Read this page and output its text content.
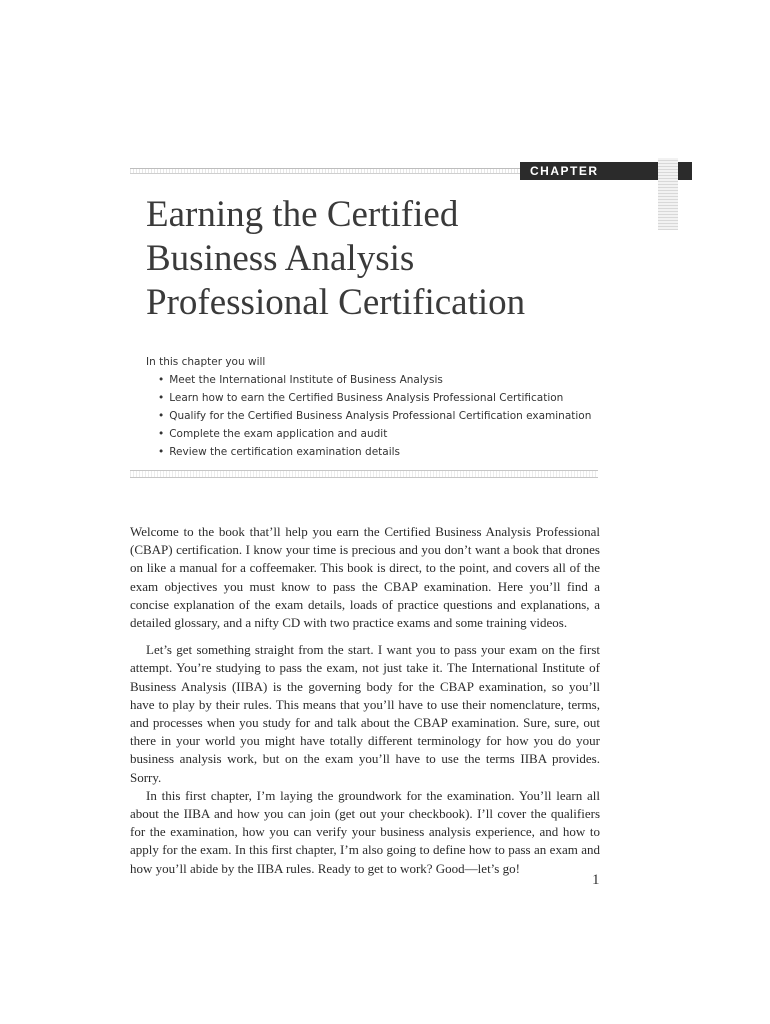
CHAPTER
Earning the Certified
Business Analysis
Professional Certification
In this chapter you will
• Meet the International Institute of Business Analysis
• Learn how to earn the Certified Business Analysis Professional Certification
• Qualify for the Certified Business Analysis Professional Certification examination
• Complete the exam application and audit
• Review the certification examination details

Welcome to the book that’ll help you earn the Certified Business Analysis Professional (CBAP) certification. I know your time is precious and you don’t want a book that drones on like a manual for a coffeemaker. This book is direct, to the point, and covers all of the exam objectives you must know to pass the CBAP examination. Here you’ll find a concise explanation of the exam details, loads of practice questions and explanations, a detailed glossary, and a nifty CD with two practice exams and some training videos.

Let’s get something straight from the start. I want you to pass your exam on the first attempt. You’re studying to pass the exam, not just take it. The International Institute of Business Analysis (IIBA) is the governing body for the CBAP examination, so you’ll have to play by their rules. This means that you’ll have to use their nomenclature, terms, and processes when you study for and talk about the CBAP examination. Sure, sure, out there in your world you might have totally different terminology for how you do your business analysis work, but on the exam you’ll have to use the terms IIBA provides. Sorry.

In this first chapter, I’m laying the groundwork for the examination. You’ll learn all about the IIBA and how you can join (get out your checkbook). I’ll cover the qualifiers for the examination, how you can verify your business analysis experience, and how to apply for the exam. In this first chapter, I’m also going to define how to pass an exam and how you’ll abide by the IIBA rules. Ready to get to work? Good—let’s go!

1
